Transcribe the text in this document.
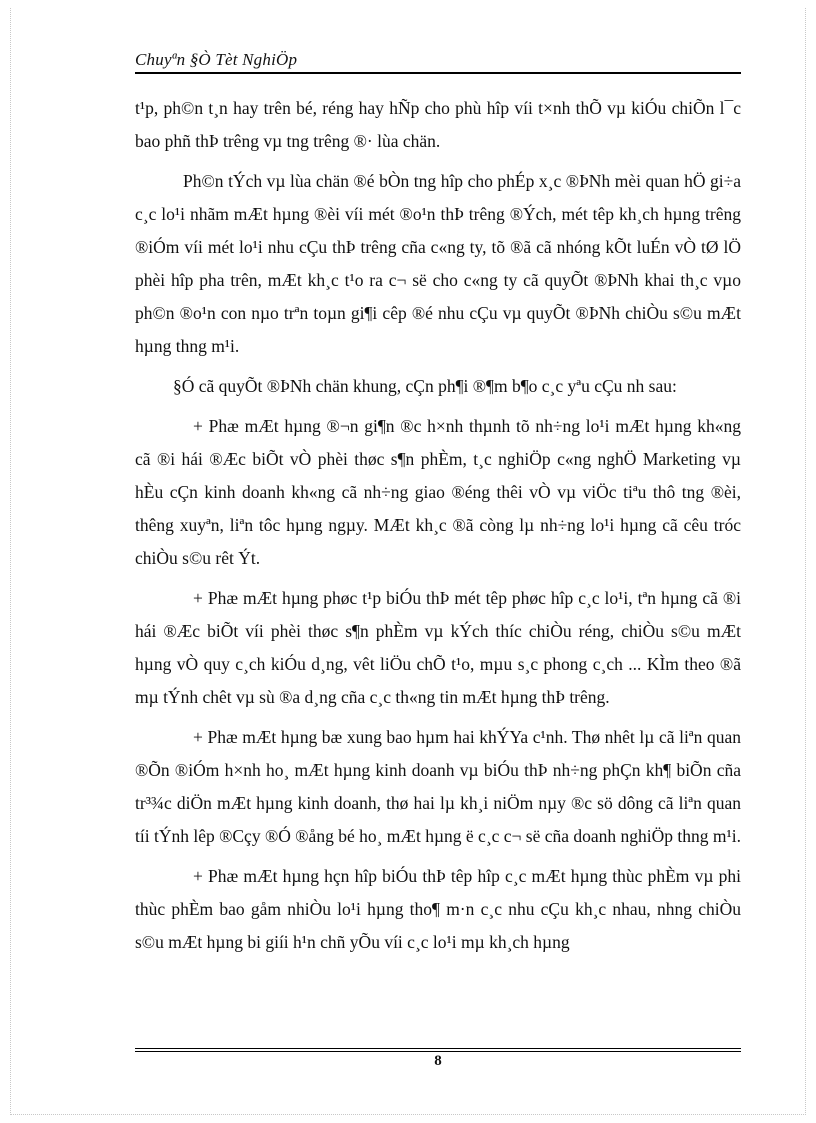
Chuyªn §Ò Tèt NghiÖp

t¹p, ph©n t¸n hay trên bé, réng hay hÑp cho phù hîp víi t×nh thÕ vµ kiÓu chiÕn l¯c bao phñ thÞ trêng vµ tng trêng ®· lùa chän.

Ph©n tÝch vµ lùa chän ®é bÒn tng hîp cho phÉp x¸c ®ÞNh mèi quan hÖ gi÷a c¸c lo¹i nhãm mÆt hµng ®èi víi mét ®o¹n thÞ trêng ®Ých, mét têp kh¸ch hµng trêng ®iÓm víi mét lo¹i nhu cÇu thÞ trêng cña c«ng ty, tõ ®ã cã nhóng kÕt luÉn vÒ tØ lÖ phèi hîp pha trên, mÆt kh¸c t¹o ra c¬ së cho c«ng ty cã quyÕt ®ÞNh khai th¸c vµo ph©n ®o¹n con nµo trªn toµn gi¶i cêp ®é nhu cÇu vµ quyÕt ®ÞNh chiÒu s©u mÆt hµng thng m¹i.

§Ó cã quyÕt ®ÞNh chän khung, cÇn ph¶i ®¶m b¶o c¸c yªu cÇu nh sau:

+ Phæ mÆt hµng ®¬n gi¶n ®c h×nh thµnh tõ nh÷ng lo¹i mÆt hµng kh«ng cã ®i hái ®Æc biÕt vÒ phèi thøc s¶n phÈm, t¸c nghiÖp c«ng nghÖ Marketing vµ hÈu cÇn kinh doanh kh«ng cã nh÷ng giao ®éng thêi vÒ vµ viÖc tiªu thô tng ®èi, thêng xuyªn, liªn tôc hµng ngµy. MÆt kh¸c ®ã còng lµ nh÷ng lo¹i hµng cã cêu tróc chiÒu s©u rêt Ýt.

+ Phæ mÆt hµng phøc t¹p biÓu thÞ mét têp phøc hîp c¸c lo¹i, tªn hµng cã ®i hái ®Æc biÕt víi phèi thøc s¶n phÈm vµ kÝch thíc chiÒu réng, chiÒu s©u mÆt hµng vÒ quy c¸ch kiÓu d¸ng, vêt liÖu chÕ t¹o, mµu s¸c phong c¸ch ... KÌm theo ®ã mµ tÝnh chêt vµ sù ®a d¸ng cña c¸c th«ng tin mÆt hµng thÞ trêng.

+ Phæ mÆt hµng bæ xung bao hµm hai khÝYa c¹nh. Thø nhêt lµ cã liªn quan ®Õn ®iÓm h×nh ho¸ mÆt hµng kinh doanh vµ biÓu thÞ nh÷ng phÇn kh¶ biÕn cña tr³¾c diÖn mÆt hµng kinh doanh, thø hai lµ kh¸i niÖm nµy ®c sö dông cã liªn quan tíi tÝnh lêp ®Cçy ®Ó ®ång bé ho¸ mÆt hµng ë c¸c c¬ së cña doanh nghiÖp thng m¹i.

+ Phæ mÆt hµng hçn hîp biÓu thÞ têp hîp c¸c mÆt hµng thùc phÈm vµ phi thùc phÈm bao gåm nhiÒu lo¹i hµng tho¶ m·n c¸c nhu cÇu kh¸c nhau, nhng chiÒu s©u mÆt hµng bi giíi h¹n chñ yÕu víi c¸c lo¹i mµ kh¸ch hµng

8
